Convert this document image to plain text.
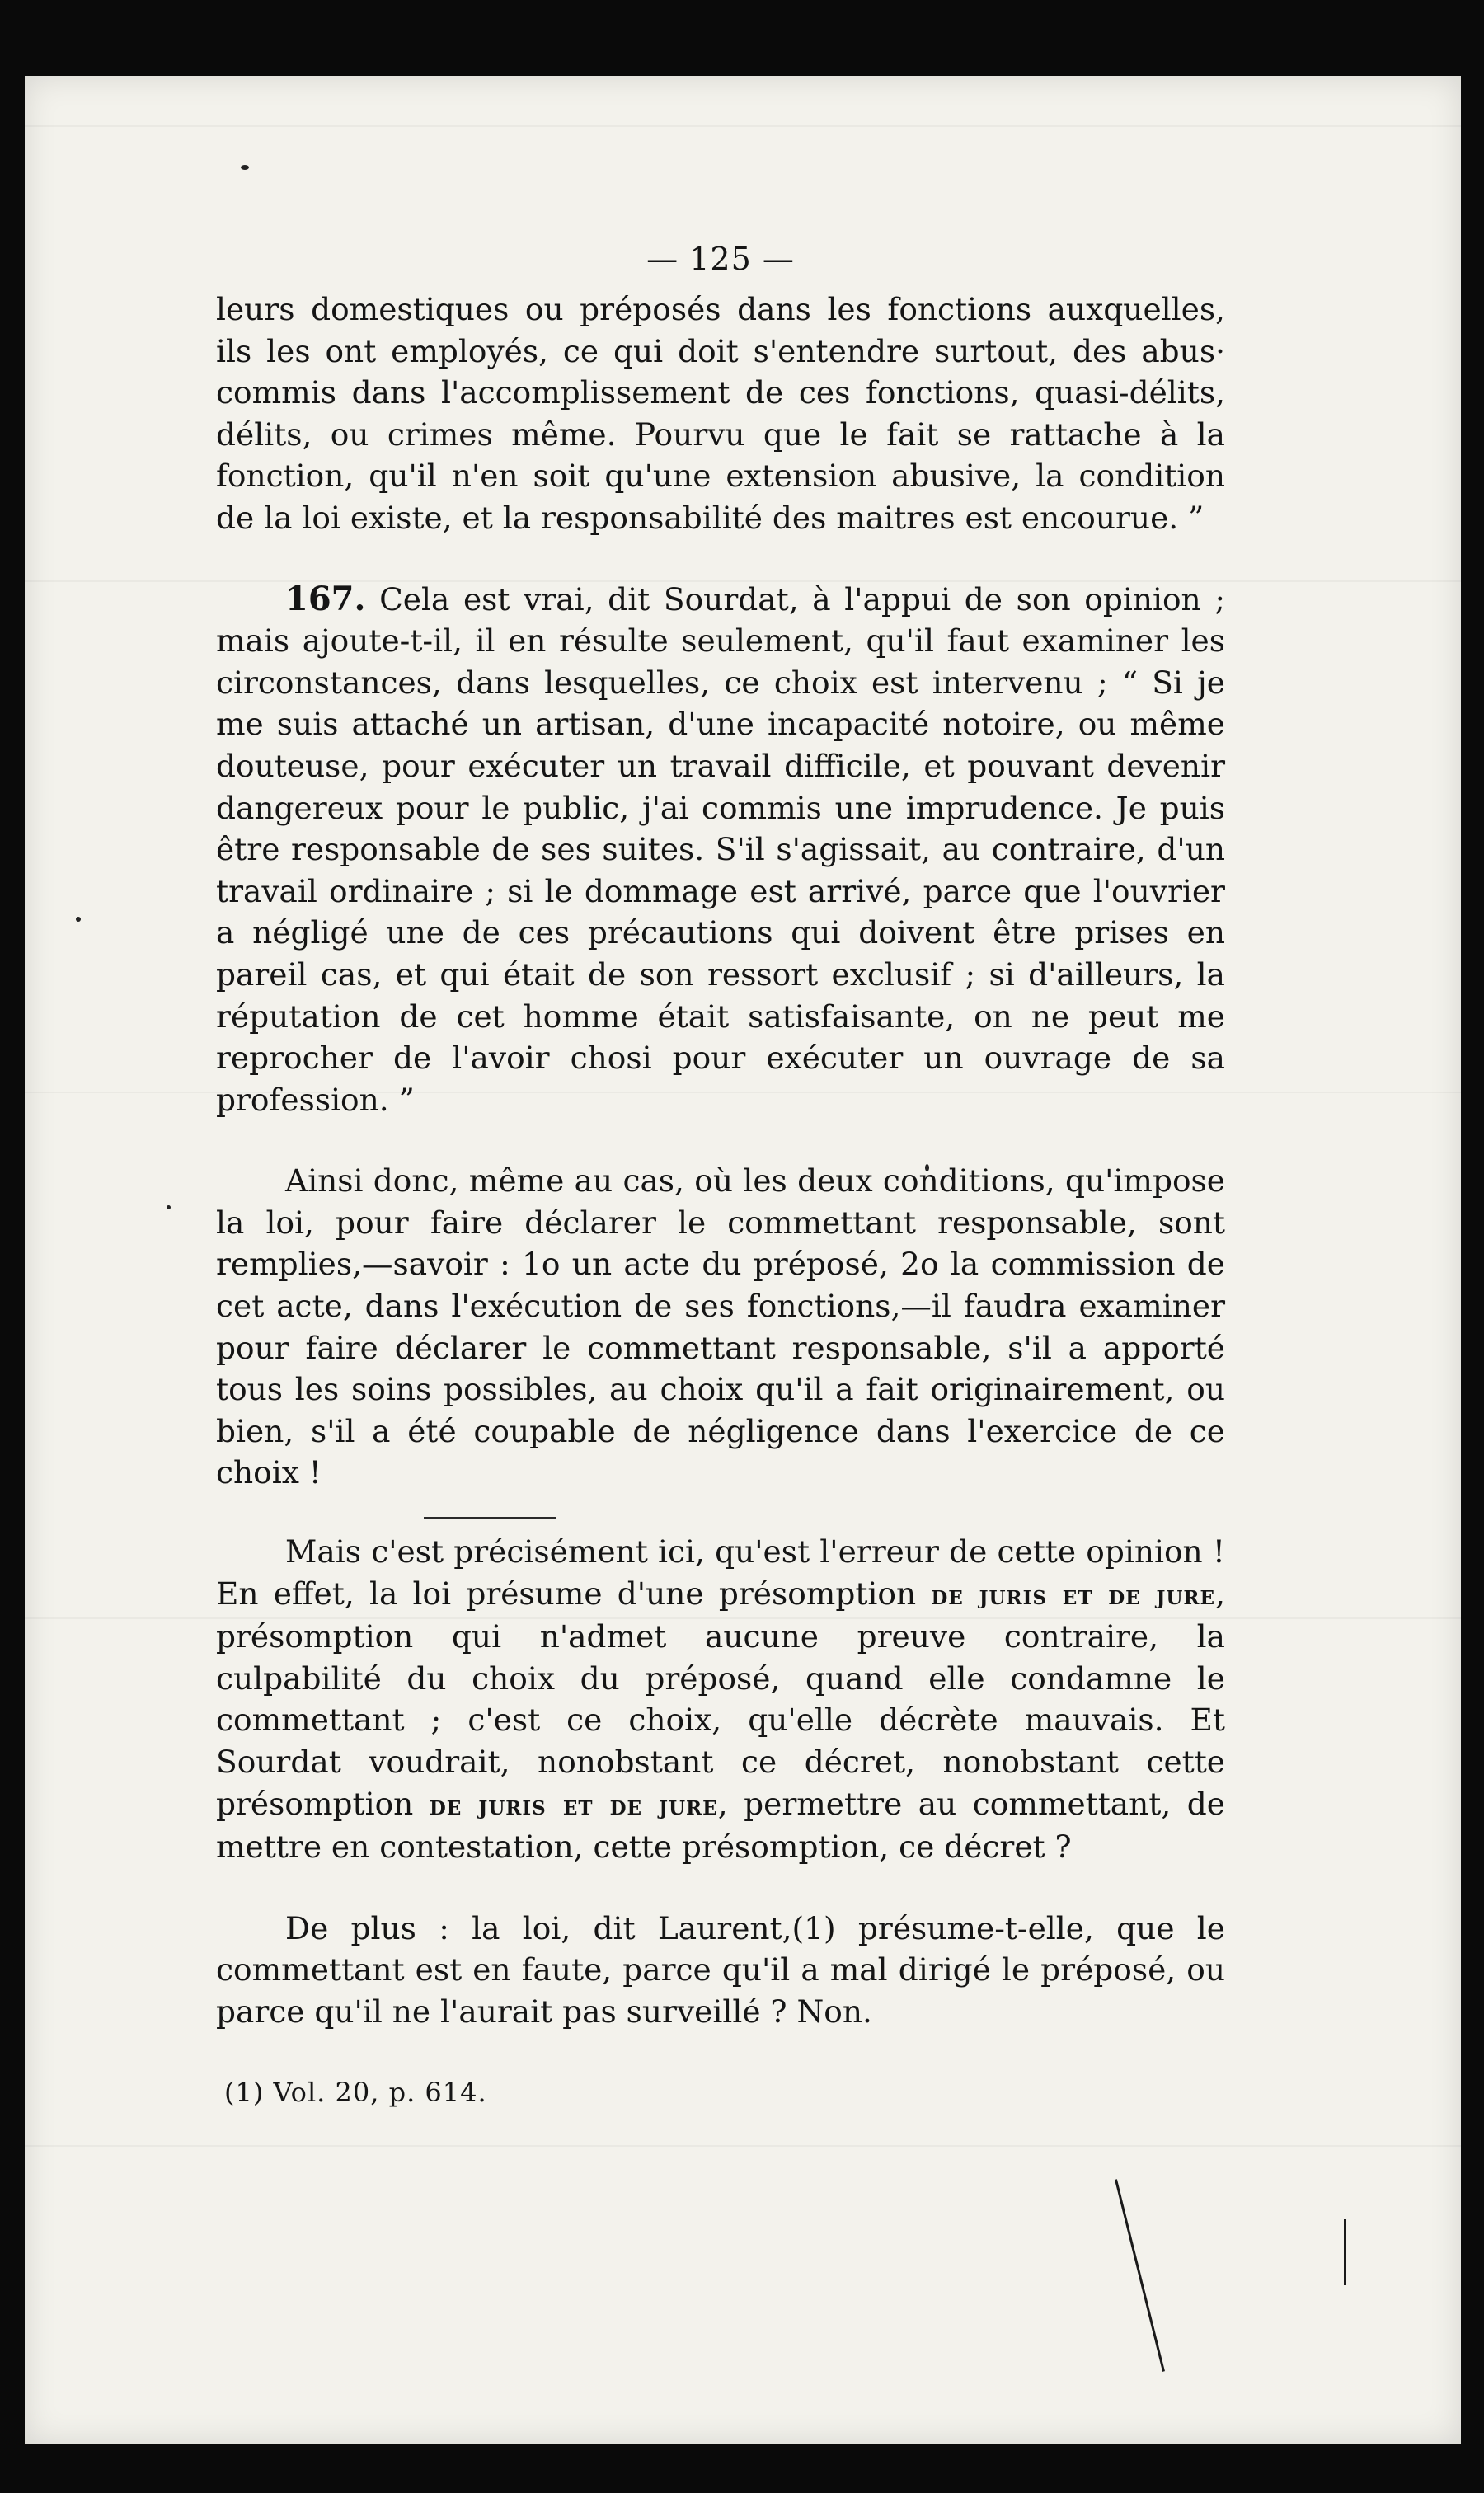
— 125 —

leurs domestiques ou préposés dans les fonctions auxquelles, ils les ont employés, ce qui doit s'entendre surtout, des abus· commis dans l'accomplissement de ces fonctions, quasi-délits, délits, ou crimes même. Pourvu que le fait se rattache à la fonction, qu'il n'en soit qu'une extension abusive, la condition de la loi existe, et la responsabilité des maitres est encourue. ”

167. Cela est vrai, dit Sourdat, à l'appui de son opinion ; mais ajoute-t-il, il en résulte seulement, qu'il faut examiner les circonstances, dans lesquelles, ce choix est intervenu ; “ Si je me suis attaché un artisan, d'une incapacité notoire, ou même douteuse, pour exécuter un travail difficile, et pouvant devenir dangereux pour le public, j'ai commis une imprudence. Je puis être responsable de ses suites. S'il s'agissait, au contraire, d'un travail ordinaire ; si le dommage est arrivé, parce que l'ouvrier a négligé une de ces précautions qui doivent être prises en pareil cas, et qui était de son ressort exclusif ; si d'ailleurs, la réputation de cet homme était satisfaisante, on ne peut me reprocher de l'avoir chosi pour exécuter un ouvrage de sa profession. ”

Ainsi donc, même au cas, où les deux conditions, qu'impose la loi, pour faire déclarer le commettant responsable, sont remplies,—savoir : 1o un acte du préposé, 2o la commission de cet acte, dans l'exécution de ses fonctions,—il faudra examiner pour faire déclarer le commettant responsable, s'il a apporté tous les soins possibles, au choix qu'il a fait originairement, ou bien, s'il a été coupable de négligence dans l'exercice de ce choix !

Mais c'est précisément ici, qu'est l'erreur de cette opinion ! En effet, la loi présume d'une présomption de juris et de jure, présomption qui n'admet aucune preuve contraire, la culpabilité du choix du préposé, quand elle condamne le commettant ; c'est ce choix, qu'elle décrète mauvais. Et Sourdat voudrait, nonobstant ce décret, nonobstant cette présomption de juris et de jure, permettre au commettant, de mettre en contestation, cette présomption, ce décret ?

De plus : la loi, dit Laurent,(1) présume-t-elle, que le commettant est en faute, parce qu'il a mal dirigé le préposé, ou parce qu'il ne l'aurait pas surveillé ? Non.

(1) Vol. 20, p. 614.
